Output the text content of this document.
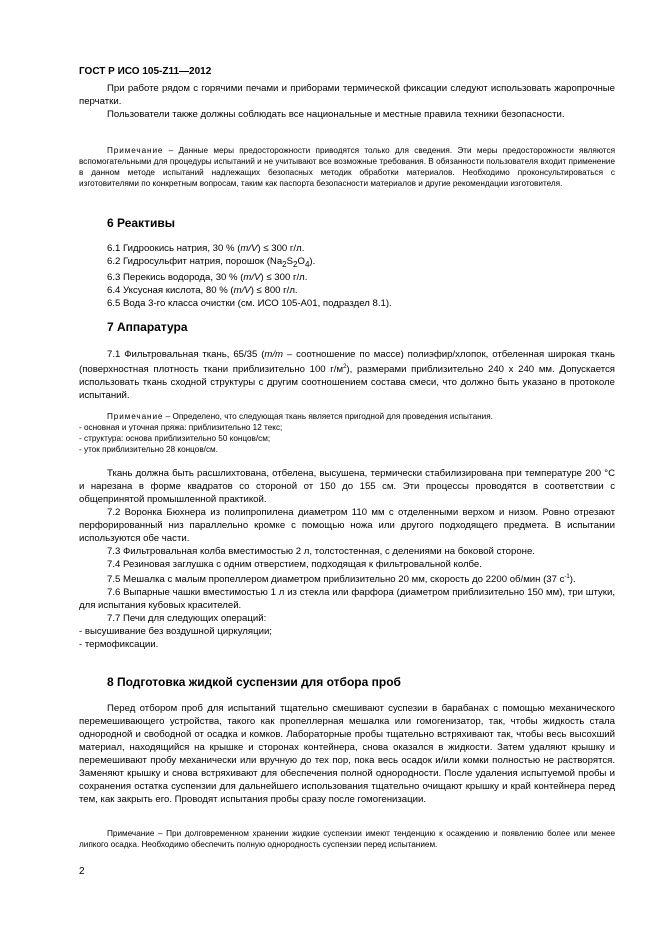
ГОСТ Р ИСО 105-Z11—2012

При работе рядом с горячими печами и приборами термической фиксации следуют использовать жаропрочные перчатки.

Пользователи также должны соблюдать все национальные и местные правила техники безопасности.

Примечание – Данные меры предосторожности приводятся только для сведения. Эти меры предосторожности являются вспомогательными для процедуры испытаний и не учитывают все возможные требования. В обязанности пользователя входит применение в данном методе испытаний надлежащих безопасных методик обработки материалов. Необходимо проконсультироваться с изготовителями по конкретным вопросам, таким как паспорта безопасности материалов и другие рекомендации изготовителя.

6 Реактивы

6.1 Гидроокись натрия, 30 % (m/V) ≤ 300 г/л.

6.2 Гидросульфит натрия, порошок $(Na_2S_2O_4)$.

6.3 Перекись водорода, 30 % (m/V) ≤ 300 г/л.

6.4 Уксусная кислота, 80 % (m/V) ≤ 800 г/л.

6.5 Вода 3-го класса очистки (см. ИСО 105-А01, подраздел 8.1).

7 Аппаратура

7.1 Фильтровальная ткань, 65/35 (m/m – соотношение по массе) полиэфир/хлопок, отбеленная широкая ткань (поверхностная плотность ткани приблизительно 100 $г/м^2$), размерами приблизительно 240 х 240 мм. Допускается использовать ткань сходной структуры с другим соотношением состава смеси, что должно быть указано в протоколе испытаний.

Примечание – Определено, что следующая ткань является пригодной для проведения испытания.

- основная и уточная пряжа: приблизительно 12 текс;

- структура: основа приблизительно 50 концов/см;

- уток приблизительно 28 концов/см.

Ткань должна быть расшлихтована, отбелена, высушена, термически стабилизирована при температуре 200 °С и нарезана в форме квадратов со стороной от 150 до 155 см. Эти процессы проводятся в соответствии с общепринятой промышленной практикой.

7.2 Воронка Бюхнера из полипропилена диаметром 110 мм с отделенными верхом и низом. Ровно отрезают перфорированный низ параллельно кромке с помощью ножа или другого подходящего предмета. В испытании используются обе части.

7.3 Фильтровальная колба вместимостью 2 л, толстостенная, с делениями на боковой стороне.

7.4 Резиновая заглушка с одним отверстием, подходящая к фильтровальной колбе.

7.5 Мешалка с малым пропеллером диаметром приблизительно 20 мм, скорость до 2200 об/мин (37 $с^{-1}$).

7.6 Выпарные чашки вместимостью 1 л из стекла или фарфора (диаметром приблизительно 150 мм), три штуки, для испытания кубовых красителей.

7.7 Печи для следующих операций:

- высушивание без воздушной циркуляции;

- термофиксации.

8 Подготовка жидкой суспензии для отбора проб

Перед отбором проб для испытаний тщательно смешивают суспезии в барабанах с помощью механического перемешивающего устройства, такого как пропеллерная мешалка или гомогенизатор, так, чтобы жидкость стала однородной и свободной от осадка и комков. Лабораторные пробы тщательно встряхивают так, чтобы весь высохший материал, находящийся на крышке и сторонах контейнера, снова оказался в жидкости. Затем удаляют крышку и перемешивают пробу механически или вручную до тех пор, пока весь осадок и/или комки полностью не растворятся. Заменяют крышку и снова встряхивают для обеспечения полной однородности. После удаления испытуемой пробы и сохранения остатка суспензии для дальнейшего использования тщательно очищают крышку и край контейнера перед тем, как закрыть его. Проводят испытания пробы сразу после гомогенизации.

Примечание – При долговременном хранении жидкие суспензии имеют тенденцию к осаждению и появлению более или менее липкого осадка. Необходимо обеспечить полную однородность суспензии перед испытанием.

2
